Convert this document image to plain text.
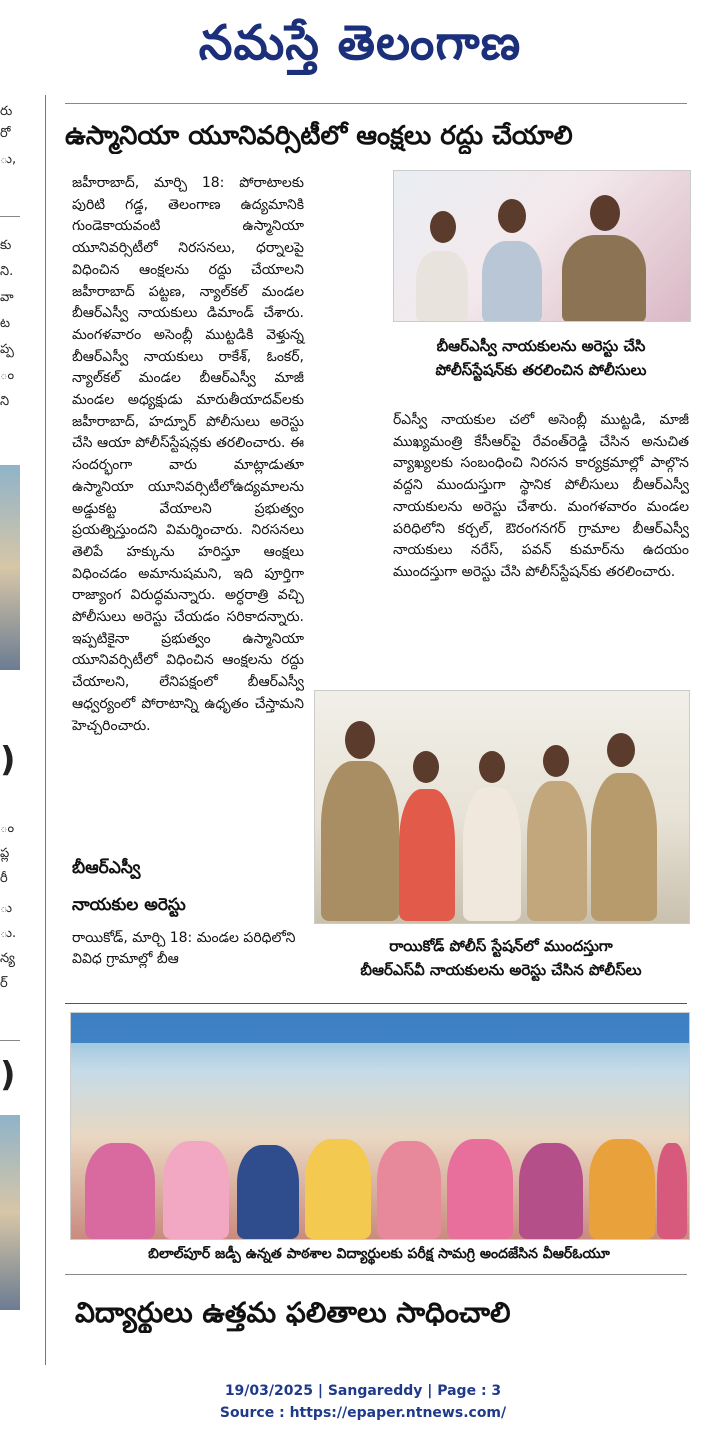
నమస్తే తెలంగాణ
రు
రో
ు,
కు
ని.
వా
ట
ప్ప
ం
ని
)
ం
ప్ల
రీ
ు
ు.
న్య
ర్
)
ఉస్మానియా యూనివర్సిటీలో ఆంక్షలు రద్దు చేయాలి
జహీరాబాద్, మార్చి 18: పోరాటాలకు పురిటి గడ్డ, తెలంగాణ ఉద్యమానికి గుండెకాయవంటి ఉస్మానియా యూనివర్సిటీలో నిరసనలు, ధర్నాలపై విధించిన ఆంక్షలను రద్దు చేయాలని జహీరాబాద్ పట్టణ, న్యాల్‌కల్ మండల బీఆర్‌ఎస్వీ నాయకులు డిమాండ్ చేశారు. మంగళవారం అసెంబ్లీ ముట్టడికి వెళ్తున్న బీఆర్‌ఎస్వీ నాయకులు రాకేశ్, ఓంకర్, న్యాల్‌కల్ మండల బీఆర్‌ఎస్వీ మాజీ మండల అధ్యక్షుడు మారుతీయాదవ్‌లకు జహీరాబాద్, హద్నూర్ పోలీసులు అరెస్టు చేసి ఆయా పోలీస్‌స్టేషన్లకు తరలించారు. ఈ సందర్భంగా వారు మాట్లాడుతూ ఉస్మానియా యూనివర్సిటీలోఉద్యమాలను అడ్డుకట్ట వేయాలని ప్రభుత్వం ప్రయత్నిస్తుందని విమర్శించారు. నిరసనలు తెలిపే హక్కును హరిస్తూ ఆంక్షలు విధించడం అమానుషమని, ఇది పూర్తిగా రాజ్యాంగ విరుద్ధమన్నారు. అర్ధరాత్రి వచ్చి పోలీసులు అరెస్టు చేయడం సరికాదన్నారు. ఇప్పటికైనా ప్రభుత్వం ఉస్మానియా యూనివర్సిటీలో విధించిన ఆంక్షలను రద్దు చేయాలని, లేనిపక్షంలో బీఆర్‌ఎస్వీ ఆధ్వర్యంలో పోరాటాన్ని ఉధృతం చేస్తామని హెచ్చరించారు.
బీఆర్‌ఎస్వీ
నాయకుల అరెస్టు
రాయికోడ్, మార్చి 18: మండల పరిధిలోని వివిధ గ్రామాల్లో బీఆ
బీఆర్‌ఎస్వీ నాయకులను అరెస్టు చేసి
పోలీస్‌స్టేషన్‌కు తరలించిన పోలీసులు
ర్‌ఎస్వీ నాయకుల చలో అసెంబ్లీ ముట్టడి, మాజీ ముఖ్యమంత్రి కేసీఆర్‌పై రేవంత్‌రెడ్డి చేసిన అనుచిత వ్యాఖ్యలకు సంబంధించి నిరసన కార్యక్రమాల్లో పాల్గొన వద్దని ముందుస్తుగా స్థానిక పోలీసులు బీఆర్‌ఎస్వీ నాయకులను అరెస్టు చేశారు. మంగళవారం మండల పరిధిలోని కర్చల్, ఔరంగనగర్ గ్రామాల బీఆర్‌ఎస్వీ నాయకులు నరేస్, పవన్ కుమార్‌ను ఉదయం ముందస్తుగా అరెస్టు చేసి పోలీస్‌స్టేషన్‌కు తరలించారు.
రాయికోడ్ పోలీస్ స్టేషన్‌లో ముందస్తుగా
బీఆర్‌ఎస్‌వీ నాయకులను అరెస్టు చేసిన పోలీస్‌లు
బిలాల్‌పూర్ జడ్పీ ఉన్నత పాఠశాల విద్యార్థులకు పరీక్ష సామగ్రి అందజేసిన వీఆర్‌ఓయూ
విద్యార్థులు ఉత్తమ ఫలితాలు సాధించాలి

19/03/2025 | Sangareddy | Page : 3
Source : https://epaper.ntnews.com/
